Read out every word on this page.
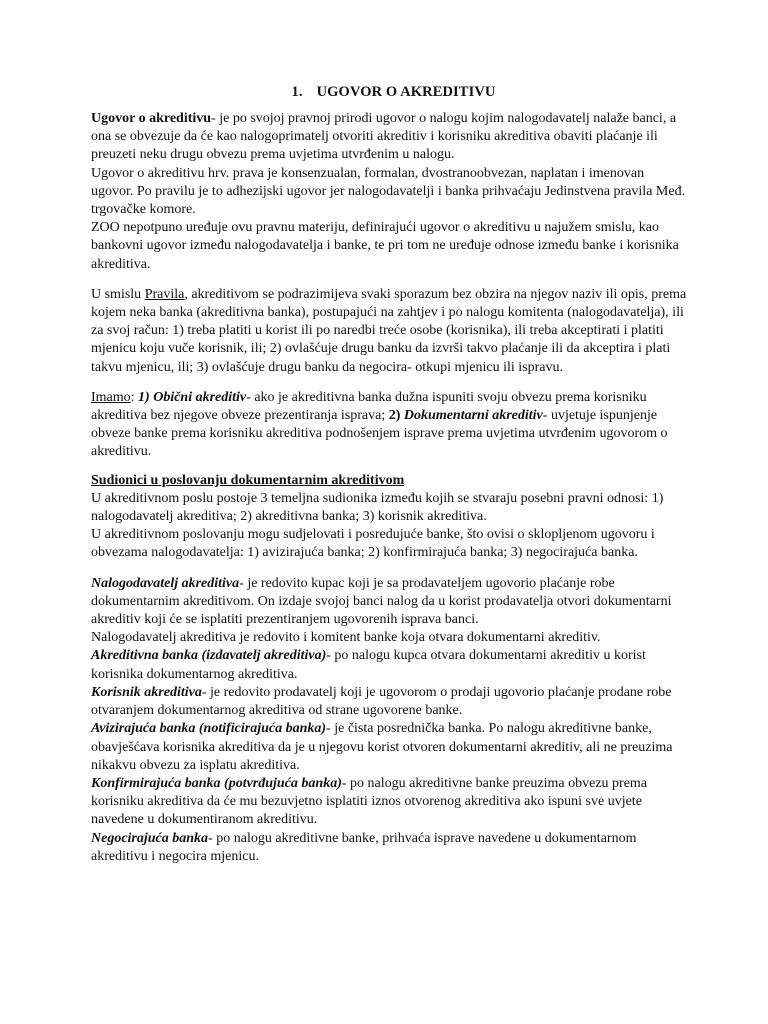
1. UGOVOR O AKREDITIVU

Ugovor o akreditivu- je po svojoj pravnoj prirodi ugovor o nalogu kojim nalogodavatelj nalaže banci, a ona se obvezuje da će kao nalogoprimatelj otvoriti akreditiv i korisniku akreditiva obaviti plaćanje ili preuzeti neku drugu obvezu prema uvjetima utvrđenim u nalogu.

Ugovor o akreditivu hrv. prava je konsenzualan, formalan, dvostranoobvezan, naplatan i imenovan ugovor. Po pravilu je to adhezijski ugovor jer nalogodavatelji i banka prihvaćaju Jedinstvena pravila Međ. trgovačke komore.

ZOO nepotpuno uređuje ovu pravnu materiju, definirajući ugovor o akreditivu u najužem smislu, kao bankovni ugovor između nalogodavatelja i banke, te pri tom ne uređuje odnose između banke i korisnika akreditiva.

U smislu Pravila, akreditivom se podrazimijeva svaki sporazum bez obzira na njegov naziv ili opis, prema kojem neka banka (akreditivna banka), postupajući na zahtjev i po nalogu komitenta (nalogodavatelja), ili za svoj račun: 1) treba platiti u korist ili po naredbi treće osobe (korisnika), ili treba akceptirati i platiti mjenicu koju vuče korisnik, ili; 2) ovlašćuje drugu banku da izvrši takvo plaćanje ili da akceptira i plati takvu mjenicu, ili; 3) ovlašćuje drugu banku da negocira- otkupi mjenicu ili ispravu.

Imamo: 1) Obični akreditiv- ako je akreditivna banka dužna ispuniti svoju obvezu prema korisniku akreditiva bez njegove obveze prezentiranja isprava; 2) Dokumentarni akreditiv- uvjetuje ispunjenje obveze banke prema korisniku akreditiva podnošenjem isprave prema uvjetima utvrđenim ugovorom o akreditivu.

Sudionici u poslovanju dokumentarnim akreditivom

U akreditivnom poslu postoje 3 temeljna sudionika između kojih se stvaraju posebni pravni odnosi: 1) nalogodavatelj akreditiva; 2) akreditivna banka; 3) korisnik akreditiva.

U akreditivnom poslovanju mogu sudjelovati i posredujuće banke, što ovisi o sklopljenom ugovoru i obvezama nalogodavatelja: 1) avizirajuća banka; 2) konfirmirajuća banka; 3) negocirajuća banka.

Nalogodavatelj akreditiva- je redovito kupac koji je sa prodavateljem ugovorio plaćanje robe dokumentarnim akreditivom. On izdaje svojoj banci nalog da u korist prodavatelja otvori dokumentarni akreditiv koji će se isplatiti prezentiranjem ugovorenih isprava banci.

Nalogodavatelj akreditiva je redovito i komitent banke koja otvara dokumentarni akreditiv.

Akreditivna banka (izdavatelj akreditiva)- po nalogu kupca otvara dokumentarni akreditiv u korist korisnika dokumentarnog akreditiva.

Korisnik akreditiva- je redovito prodavatelj koji je ugovorom o prodaji ugovorio plaćanje prodane robe otvaranjem dokumentarnog akreditiva od strane ugovorene banke.

Avizirajuća banka (notificirajuća banka)- je čista posrednička banka. Po nalogu akreditivne banke, obavješćava korisnika akreditiva da je u njegovu korist otvoren dokumentarni akreditiv, ali ne preuzima nikakvu obvezu za isplatu akreditiva.

Konfirmirajuća banka (potvrđujuća banka)- po nalogu akreditivne banke preuzima obvezu prema korisniku akreditiva da će mu bezuvjetno isplatiti iznos otvorenog akreditiva ako ispuni sve uvjete navedene u dokumentiranom akreditivu.

Negocirajuća banka- po nalogu akreditivne banke, prihvaća isprave navedene u dokumentarnom akreditivu i negocira mjenicu.
